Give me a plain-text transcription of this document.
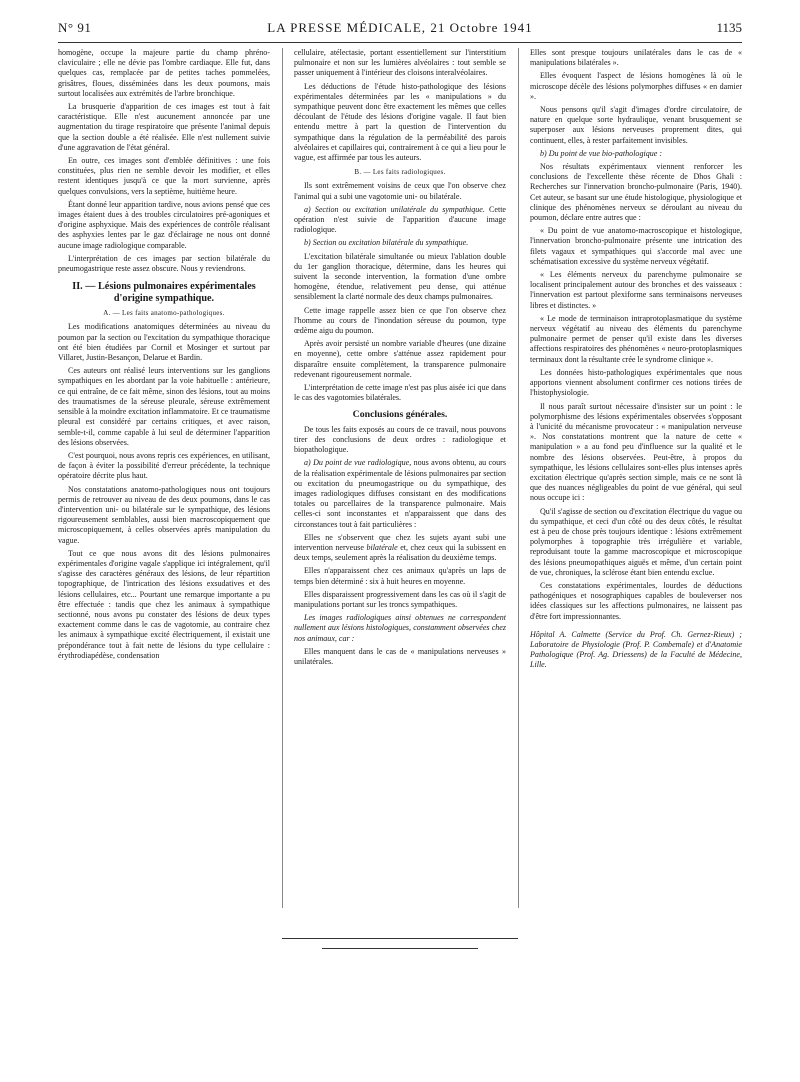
N° 91	LA PRESSE MÉDICALE, 21 Octobre 1941	1135

homogène, occupe la majeure partie du champ phréno-claviculaire ; elle ne dévie pas l'ombre cardiaque. Elle fut, dans quelques cas, remplacée par de petites taches pommelées, grisâtres, floues, disséminées dans les deux poumons, mais surtout localisées aux extrémités de l'arbre bronchique.

La brusquerie d'apparition de ces images est tout à fait caractéristique. Elle n'est aucunement annoncée par une augmentation du tirage respiratoire que présente l'animal depuis que la section double a été réalisée. Elle n'est nullement suivie d'une aggravation de l'état général.

En outre, ces images sont d'emblée définitives : une fois constituées, plus rien ne semble devoir les modifier, et elles restent identiques jusqu'à ce que la mort survienne, après quelques convulsions, vers la septième, huitième heure.

Étant donné leur apparition tardive, nous avions pensé que ces images étaient dues à des troubles circulatoires pré-agoniques et d'origine asphyxique. Mais des expériences de contrôle réalisant des asphyxies lentes par le gaz d'éclairage ne nous ont donné aucune image radiologique comparable.

L'interprétation de ces images par section bilatérale du pneumogastrique reste assez obscure. Nous y reviendrons.

II. — Lésions pulmonaires expérimentales d'origine sympathique.
A. — Les faits anatomo-pathologiques.

Les modifications anatomiques déterminées au niveau du poumon par la section ou l'excitation du sympathique thoracique ont été bien étudiées par Cornil et Mosinger et surtout par Villaret, Justin-Besançon, Delarue et Bardin.

Ces auteurs ont réalisé leurs interventions sur les ganglions sympathiques en les abordant par la voie habituelle : antérieure, ce qui entraîne, de ce fait même, sinon des lésions, tout au moins des traumatismes de la séreuse pleurale, séreuse extrêmement sensible à la moindre excitation inflammatoire. Et ce traumatisme pleural est considéré par certains critiques, et avec raison, semble-t-il, comme capable à lui seul de déterminer l'apparition des lésions observées.

C'est pourquoi, nous avons repris ces expériences, en utilisant, de façon à éviter la possibilité d'erreur précédente, la technique opératoire décrite plus haut.

Nos constatations anatomo-pathologiques nous ont toujours permis de retrouver au niveau de des deux poumons, dans le cas d'intervention uni- ou bilatérale sur le sympathique, des lésions rigoureusement semblables, aussi bien macroscopiquement que microscopiquement, à celles observées après manipulation du vague.

Tout ce que nous avons dit des lésions pulmonaires expérimentales d'origine vagale s'applique ici intégralement, qu'il s'agisse des caractères généraux des lésions, de leur répartition topographique, de l'intrication des lésions exsudatives et des lésions cellulaires, etc... Pourtant une remarque importante a pu être effectuée : tandis que chez les animaux à sympathique sectionné, nous avons pu constater des lésions de deux types exactement comme dans le cas de vagotomie, au contraire chez les animaux à sympathique excité électriquement, il existait une prépondérance tout à fait nette de lésions du type cellulaire : érythrodiapédèse, condensation

cellulaire, atélectasie, portant essentiellement sur l'interstitium pulmonaire et non sur les lumières alvéolaires : tout semble se passer uniquement à l'intérieur des cloisons interalvéolaires.

Les déductions de l'étude histo-pathologique des lésions expérimentales déterminées par les « manipulations » du sympathique peuvent donc être exactement les mêmes que celles découlant de l'étude des lésions d'origine vagale. Il faut bien entendu mettre à part la question de l'intervention du sympathique dans la régulation de la perméabilité des parois alvéolaires et capillaires qui, contrairement à ce qui a lieu pour le vague, est affirmée par tous les auteurs.

B. — Les faits radiologiques.

Ils sont extrêmement voisins de ceux que l'on observe chez l'animal qui a subi une vagotomie uni- ou bilatérale.

a) Section ou excitation unilatérale du sympathique. Cette opération n'est suivie de l'apparition d'aucune image radiologique.

b) Section ou excitation bilatérale du sympathique.

L'excitation bilatérale simultanée ou mieux l'ablation double du 1er ganglion thoracique, détermine, dans les heures qui suivent la seconde intervention, la formation d'une ombre homogène, étendue, relativement peu dense, qui atténue sensiblement la clarté normale des deux champs pulmonaires.

Cette image rappelle assez bien ce que l'on observe chez l'homme au cours de l'inondation séreuse du poumon, type œdème aigu du poumon.

Après avoir persisté un nombre variable d'heures (une dizaine en moyenne), cette ombre s'atténue assez rapidement pour disparaître ensuite complètement, la transparence pulmonaire redevenant rigoureusement normale.

L'interprétation de cette image n'est pas plus aisée ici que dans le cas des vagotomies bilatérales.

Conclusions générales.

De tous les faits exposés au cours de ce travail, nous pouvons tirer des conclusions de deux ordres : radiologique et biopathologique.

a) Du point de vue radiologique, nous avons obtenu, au cours de la réalisation expérimentale de lésions pulmonaires par section ou excitation du pneumogastrique ou du sympathique, des images radiologiques diffuses consistant en des modifications totales ou parcellaires de la transparence pulmonaire. Mais celles-ci sont inconstantes et n'apparaissent que dans des circonstances tout à fait particulières :

Elles ne s'observent que chez les sujets ayant subi une intervention nerveuse bilatérale et, chez ceux qui la subissent en deux temps, seulement après la réalisation du deuxième temps.

Elles n'apparaissent chez ces animaux qu'après un laps de temps bien déterminé : six à huit heures en moyenne.

Elles disparaissent progressivement dans les cas où il s'agit de manipulations portant sur les troncs sympathiques.

Les images radiologiques ainsi obtenues ne correspondent nullement aux lésions histologiques, constamment observées chez nos animaux, car :

Elles manquent dans le cas de « manipulations nerveuses » unilatérales.

Elles sont presque toujours unilatérales dans le cas de « manipulations bilatérales ».

Elles évoquent l'aspect de lésions homogènes là où le microscope décèle des lésions polymorphes diffuses « en damier ».

Nous pensons qu'il s'agit d'images d'ordre circulatoire, de nature en quelque sorte hydraulique, venant brusquement se superposer aux lésions nerveuses proprement dites, qui continuent, elles, à rester parfaitement invisibles.

b) Du point de vue bio-pathologique :

Nos résultats expérimentaux viennent renforcer les conclusions de l'excellente thèse récente de Dhos Ghali : Recherches sur l'innervation broncho-pulmonaire (Paris, 1940). Cet auteur, se basant sur une étude histologique, physiologique et clinique des phénomènes nerveux se déroulant au niveau du poumon, déclare entre autres que :

« Du point de vue anatomo-macroscopique et histologique, l'innervation broncho-pulmonaire présente une intrication des filets vagaux et sympathiques qui s'accorde mal avec une schématisation excessive du système nerveux végétatif.

« Les éléments nerveux du parenchyme pulmonaire se localisent principalement autour des bronches et des vaisseaux : l'innervation est partout plexiforme sans terminaisons nerveuses libres et distinctes. »

« Le mode de terminaison intraprotoplasmatique du système nerveux végétatif au niveau des éléments du parenchyme pulmonaire permet de penser qu'il existe dans les diverses affections respiratoires des phénomènes « neuro-protoplasmiques terminaux dont la résultante crée le syndrome clinique ».

Les données histo-pathologiques expérimentales que nous apportons viennent absolument confirmer ces notions tirées de l'histophysiologie.

Il nous paraît surtout nécessaire d'insister sur un point : le polymorphisme des lésions expérimentales observées s'opposant à l'unicité du mécanisme provocateur : « manipulation nerveuse ». Nos constatations montrent que la nature de cette « manipulation » a au fond peu d'influence sur la qualité et le nombre des lésions observées. Peut-être, à propos du sympathique, les lésions cellulaires sont-elles plus intenses après excitation électrique qu'après section simple, mais ce ne sont là que des nuances négligeables du point de vue général, qui seul nous occupe ici :

Qu'il s'agisse de section ou d'excitation électrique du vague ou du sympathique, et ceci d'un côté ou des deux côtés, le résultat est à peu de chose près toujours identique : lésions extrêmement polymorphes à topographie très irrégulière et variable, reproduisant toute la gamme macroscopique et microscopique des lésions pneumopathiques aiguës et même, d'un certain point de vue, chroniques, la sclérose étant bien entendu exclue.

Ces constatations expérimentales, lourdes de déductions pathogéniques et nosographiques capables de bouleverser nos idées classiques sur les affections pulmonaires, ne laissent pas d'être fort impressionnantes.

Hôpital A. Calmette (Service du Prof. Ch. Gernez-Rieux) ; Laboratoire de Physiologie (Prof. P. Combemale) et d'Anatomie Pathologique (Prof. Ag. Driessens) de la Faculté de Médecine, Lille.
